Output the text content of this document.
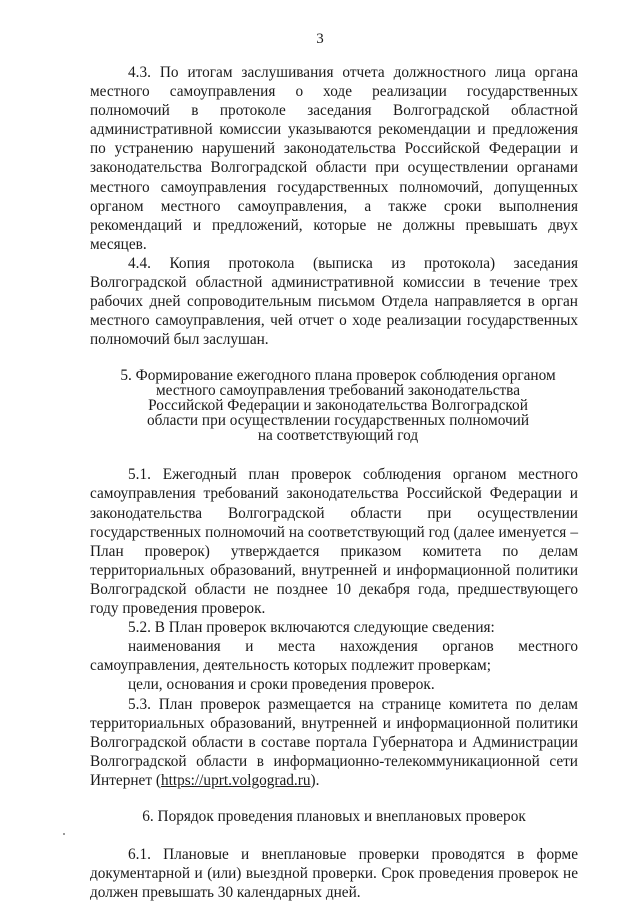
3

4.3. По итогам заслушивания отчета должностного лица органа местного самоуправления о ходе реализации государственных полномочий в протоколе заседания Волгоградской областной административной комиссии указываются рекомендации и предложения по устранению нарушений законодательства Российской Федерации и законодательства Волгоградской области при осуществлении органами местного самоуправления государственных полномочий, допущенных органом местного самоуправления, а также сроки выполнения рекомендаций и предложений, которые не должны превышать двух месяцев.

4.4. Копия протокола (выписка из протокола) заседания Волгоградской областной административной комиссии в течение трех рабочих дней сопроводительным письмом Отдела направляется в орган местного самоуправления, чей отчет о ходе реализации государственных полномочий был заслушан.

5. Формирование ежегодного плана проверок соблюдения органом

местного самоуправления требований законодательства

Российской Федерации и законодательства Волгоградской

области при осуществлении государственных полномочий

на соответствующий год

5.1. Ежегодный план проверок соблюдения органом местного самоуправления требований законодательства Российской Федерации и законодательства Волгоградской области при осуществлении государственных полномочий на соответствующий год (далее именуется – План проверок) утверждается приказом комитета по делам территориальных образований, внутренней и информационной политики Волгоградской области не позднее 10 декабря года, предшествующего году проведения проверок.

5.2. В План проверок включаются следующие сведения:

наименования и места нахождения органов местного самоуправления, деятельность которых подлежит проверкам;

цели, основания и сроки проведения проверок.

5.3. План проверок размещается на странице комитета по делам территориальных образований, внутренней и информационной политики Волгоградской области в составе портала Губернатора и Администрации Волгоградской области в информационно-телекоммуникационной сети Интернет (https://uprt.volgograd.ru).

6. Порядок проведения плановых и внеплановых проверок

6.1. Плановые и внеплановые проверки проводятся в форме документарной и (или) выездной проверки. Срок проведения проверок не должен превышать 30 календарных дней.
